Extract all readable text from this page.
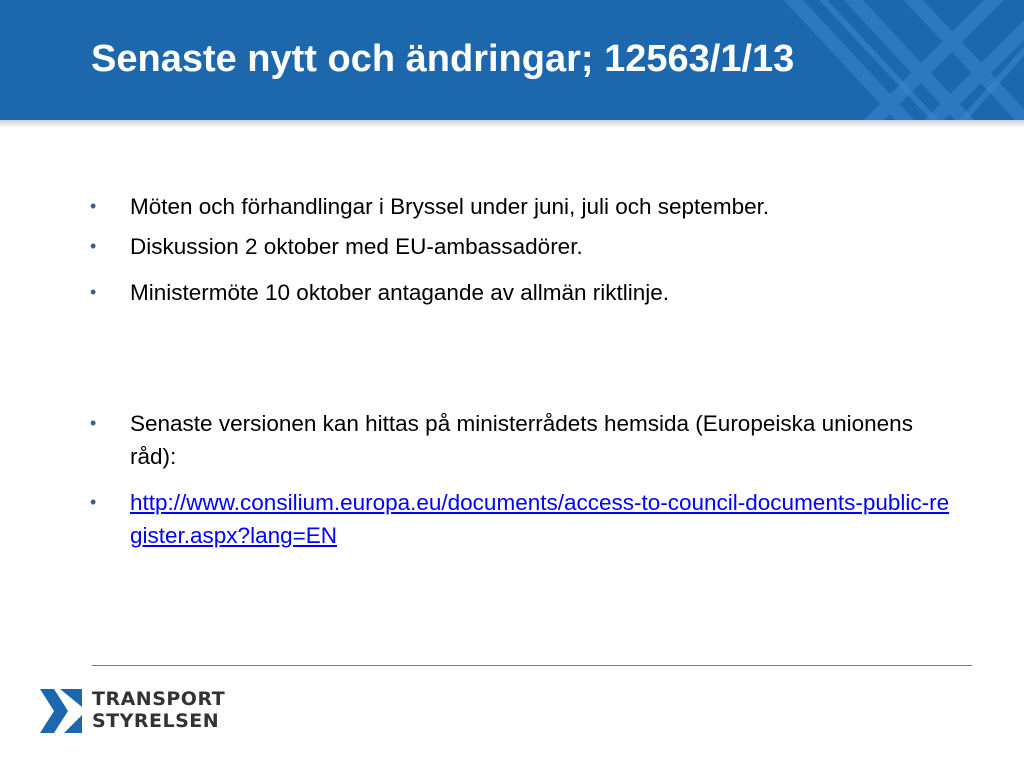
Senaste nytt och ändringar; 12563/1/13
• Möten och förhandlingar i Bryssel under juni, juli och september.
• Diskussion 2 oktober med EU-ambassadörer.
• Ministermöte 10 oktober antagande av allmän riktlinje.
• Senaste versionen kan hittas på ministerrådets hemsida (Europeiska unionens råd):
• http://www.consilium.europa.eu/documents/access-to-council-documents-public-register.aspx?lang=EN
TRANSPORT
STYRELSEN
